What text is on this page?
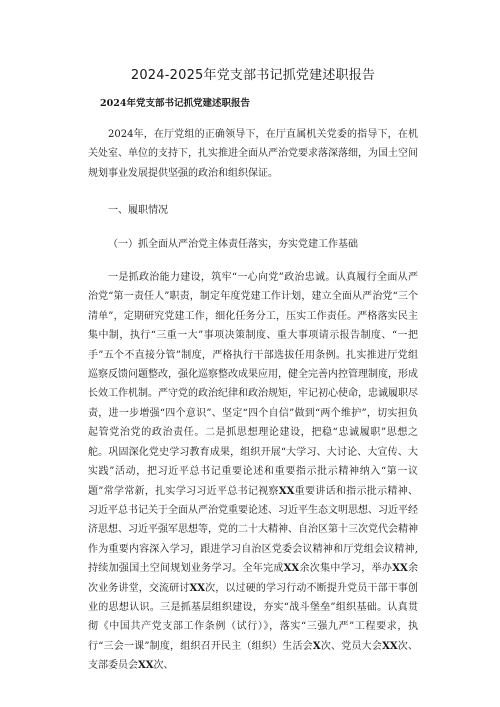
2024-2025年党支部书记抓党建述职报告
2024年党支部书记抓党建述职报告

2024年，在厅党组的正确领导下，在厅直属机关党委的指导下，在机关处室、单位的支持下，扎实推进全面从严治党要求落深落细，为国土空间规划事业发展提供坚强的政治和组织保证。

一、履职情况

（一）抓全面从严治党主体责任落实，夯实党建工作基础

一是抓政治能力建设，筑牢“一心向党”政治忠诚。认真履行全面从严治党“第一责任人”职责，制定年度党建工作计划，建立全面从严治党“三个清单”，定期研究党建工作，细化任务分工，压实工作责任。严格落实民主集中制，执行“三重一大”事项决策制度、重大事项请示报告制度、“一把手”五个不直接分管”制度，严格执行干部选拔任用条例。扎实推进厅党组巡察反馈问题整改，强化巡察整改成果应用，健全完善内控管理制度，形成长效工作机制。严守党的政治纪律和政治规矩，牢记初心使命，忠诚履职尽责，进一步增强“四个意识”、坚定“四个自信”做到“两个维护”，切实担负起管党治党的政治责任。二是抓思想理论建设，把稳“忠诚履职”思想之舵。巩固深化党史学习教育成果，组织开展“大学习、大讨论、大宣传、大实践”活动，把习近平总书记重要论述和重要指示批示精神纳入“第一议题”常学常新，扎实学习习近平总书记视察XX重要讲话和指示批示精神、习近平总书记关于全面从严治党重要论述、习近平生态文明思想、习近平经济思想、习近平强军思想等，党的二十大精神、自治区第十三次党代会精神作为重要内容深入学习，跟进学习自治区党委会议精神和厅党组会议精神,持续加强国土空间规划业务学习。全年完成XX余次集中学习，举办XX余次业务讲堂，交流研讨XX次，以过硬的学习行动不断提升党员干部干事创业的思想认识。三是抓基层组织建设，夯实“战斗堡垒”组织基础。认真贯彻《中国共产党支部工作条例（试行）》，落实“三强九严”工程要求，执行“三会一课”制度，组织召开民主（组织）生活会X次、党员大会XX次、支部委员会XX次、
